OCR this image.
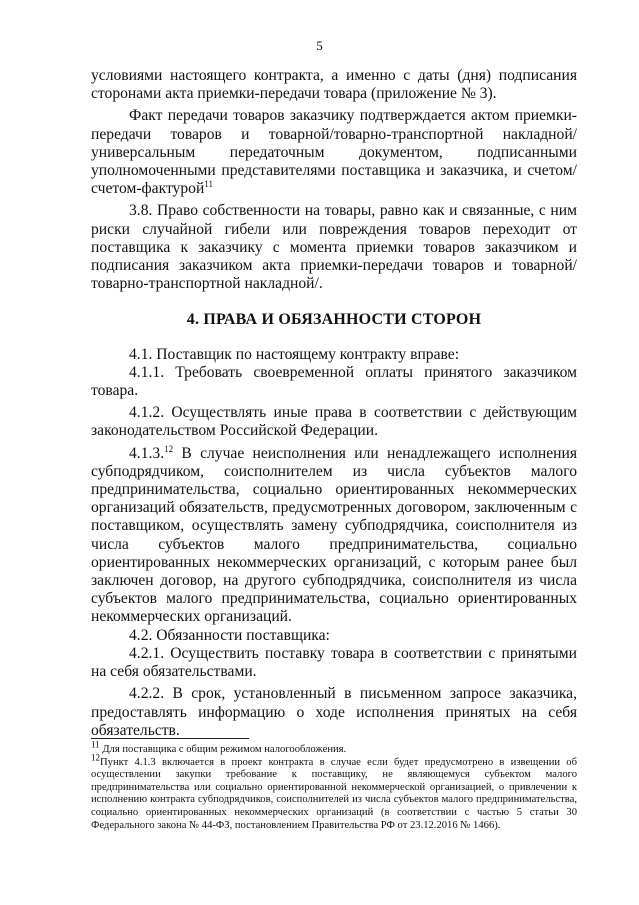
5

условиями настоящего контракта, а именно с даты (дня) подписания сторонами акта приемки-передачи товара (приложение № 3).

Факт передачи товаров заказчику подтверждается актом приемки-передачи товаров и товарной/товарно-транспортной накладной/ универсальным передаточным документом, подписанными уполномоченными представителями поставщика и заказчика, и счетом/счетом-фактурой$^{11}$

3.8. Право собственности на товары, равно как и связанные, с ним риски случайной гибели или повреждения товаров переходит от поставщика к заказчику с момента приемки товаров заказчиком и подписания заказчиком акта приемки-передачи товаров и товарной/товарно-транспортной накладной/.

4. ПРАВА И ОБЯЗАННОСТИ СТОРОН

4.1. Поставщик по настоящему контракту вправе:

4.1.1. Требовать своевременной оплаты принятого заказчиком товара.

4.1.2. Осуществлять иные права в соответствии с действующим законодательством Российской Федерации.

4.1.3.12 В случае неисполнения или ненадлежащего исполнения субподрядчиком, соисполнителем из числа субъектов малого предпринимательства, социально ориентированных некоммерческих организаций обязательств, предусмотренных договором, заключенным с поставщиком, осуществлять замену субподрядчика, соисполнителя из числа субъектов малого предпринимательства, социально ориентированных некоммерческих организаций, с которым ранее был заключен договор, на другого субподрядчика, соисполнителя из числа субъектов малого предпринимательства, социально ориентированных некоммерческих организаций.

4.2. Обязанности поставщика:

4.2.1. Осуществить поставку товара в соответствии с принятыми на себя обязательствами.

4.2.2. В срок, установленный в письменном запросе заказчика, предоставлять информацию о ходе исполнения принятых на себя обязательств.

$^{11}$ Для поставщика с общим режимом налогообложения.

$^{12}$Пункт 4.1.3 включается в проект контракта в случае если будет предусмотрено в извещении об осуществлении закупки требование к поставщику, не являющемуся субъектом малого предпринимательства или социально ориентированной некоммерческой организацией, о привлечении к исполнению контракта субподрядчиков, соисполнителей из числа субъектов малого предпринимательства, социально ориентированных некоммерческих организаций (в соответствии с частью 5 статьи 30 Федерального закона № 44-ФЗ, постановлением Правительства РФ от 23.12.2016 № 1466).
